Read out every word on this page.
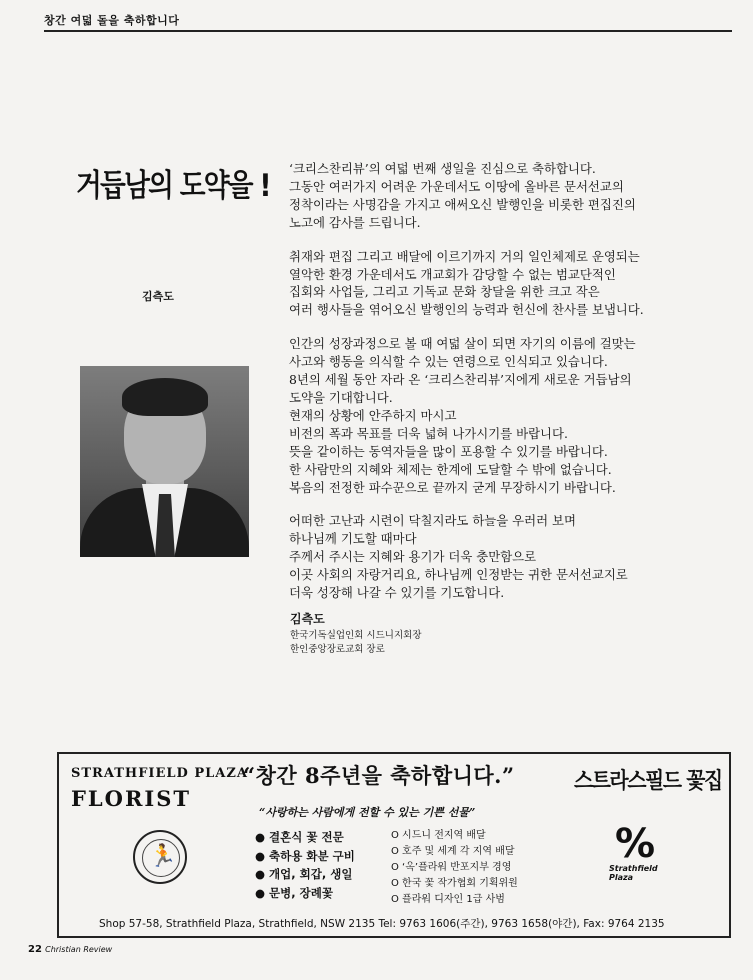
창간 여덟 돌을 축하합니다
거듭남의 도약을 !
김측도

‘크리스찬리뷰’의 여덟 번째 생일을 진심으로 축하합니다.
그동안 여러가지 어려운 가운데서도 이땅에 올바른 문서선교의
정착이라는 사명감을 가지고 애써오신 발행인을 비롯한 편집진의
노고에 감사를 드립니다.

취재와 편집 그리고 배달에 이르기까지 거의 일인체제로 운영되는
열악한 환경 가운데서도 개교회가 감당할 수 없는 범교단적인
집회와 사업들, 그리고 기독교 문화 창달을 위한 크고 작은
여러 행사들을 엮어오신 발행인의 능력과 헌신에 찬사를 보냅니다.

인간의 성장과정으로 볼 때 여덟 살이 되면 자기의 이름에 걸맞는
사고와 행동을 의식할 수 있는 연령으로 인식되고 있습니다.
8년의 세월 동안 자라 온 ‘크리스찬리뷰’지에게 새로운 거듭남의
도약을 기대합니다.
현재의 상황에 안주하지 마시고
비전의 폭과 목표를 더욱 넓혀 나가시기를 바랍니다.
뜻을 같이하는 동역자들을 많이 포용할 수 있기를 바랍니다.
한 사람만의 지혜와 체제는 한계에 도달할 수 밖에 없습니다.
복음의 전정한 파수꾼으로 끝까지 굳게 무장하시기 바랍니다.

어떠한 고난과 시련이 닥칠지라도 하늘을 우러러 보며
하나님께 기도할 때마다
주께서 주시는 지혜와 용기가 더욱 충만함으로
이곳 사회의 자랑거리요, 하나님께 인정받는 귀한 문서선교지로
더욱 성장해 나갈 수 있기를 기도합니다.

김측도
한국기독실업인회 시드니지회장
한인중앙장로교회 장로
STRATHFIELD PLAZA
FLORIST
“창간 8주년을 축하합니다.”	스트라스필드 꽃집
“사랑하는 사람에게 전할 수 있는 기쁜 선물”
🏃
● 결혼식 꽃 전문
● 축하용 화분 구비
● 개업, 회갑, 생일
● 문병, 장례꽃
O 시드니 전지역 배달
O 호주 및 세계 각 지역 배달
O ‘옥’플라워 반포지부 경영
O 한국 꽃 작가협회 기획위원
O 플라워 디자인 1급 사범
%
Strathfield
Plaza
Shop 57-58, Strathfield Plaza, Strathfield, NSW 2135 Tel: 9763 1606(주간), 9763 1658(야간), Fax: 9764 2135
22 Christian Review
